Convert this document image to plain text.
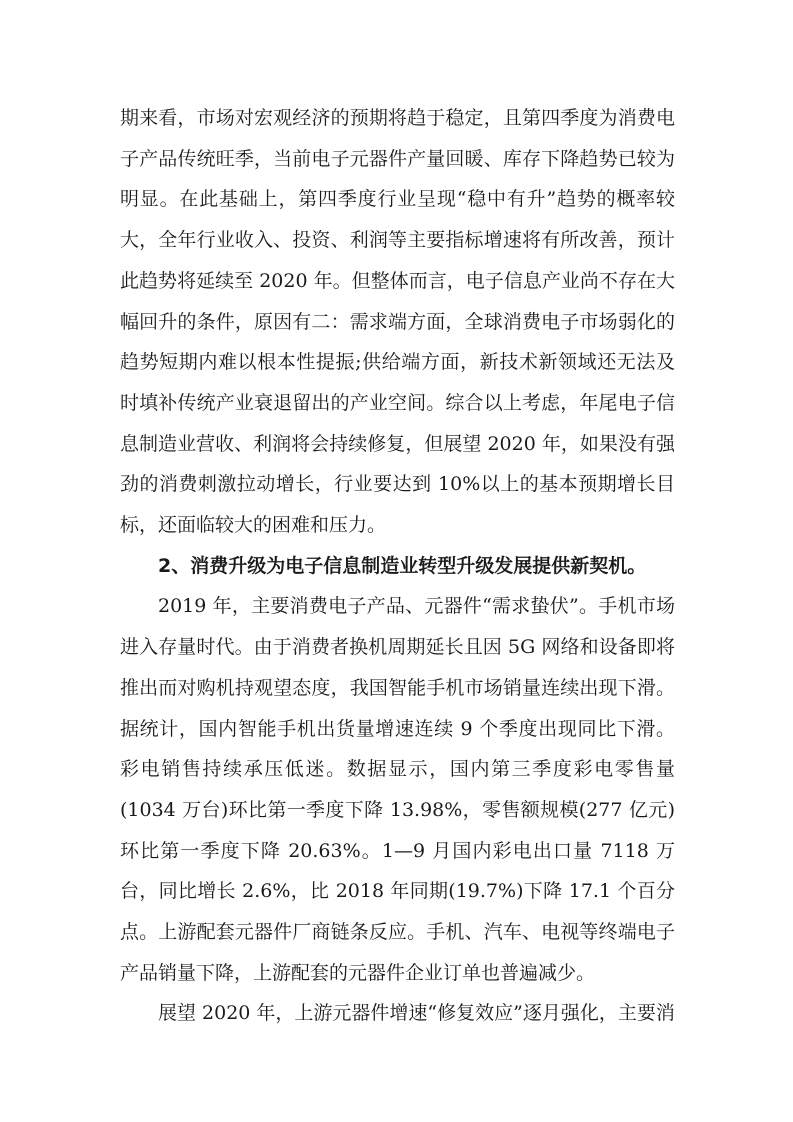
期来看，市场对宏观经济的预期将趋于稳定，且第四季度为消费电子产品传统旺季，当前电子元器件产量回暖、库存下降趋势已较为明显。在此基础上，第四季度行业呈现“稳中有升”趋势的概率较大，全年行业收入、投资、利润等主要指标增速将有所改善，预计此趋势将延续至 2020 年。但整体而言，电子信息产业尚不存在大幅回升的条件，原因有二：需求端方面，全球消费电子市场弱化的趋势短期内难以根本性提振;供给端方面，新技术新领域还无法及时填补传统产业衰退留出的产业空间。综合以上考虑，年尾电子信息制造业营收、利润将会持续修复，但展望 2020 年，如果没有强劲的消费刺激拉动增长，行业要达到 10%以上的基本预期增长目标，还面临较大的困难和压力。

2、消费升级为电子信息制造业转型升级发展提供新契机。

2019 年，主要消费电子产品、元器件“需求蛰伏”。手机市场进入存量时代。由于消费者换机周期延长且因 5G 网络和设备即将推出而对购机持观望态度，我国智能手机市场销量连续出现下滑。据统计，国内智能手机出货量增速连续 9 个季度出现同比下滑。彩电销售持续承压低迷。数据显示，国内第三季度彩电零售量(1034 万台)环比第一季度下降 13.98%，零售额规模(277 亿元)环比第一季度下降 20.63%。1—9 月国内彩电出口量 7118 万台，同比增长 2.6%，比 2018 年同期(19.7%)下降 17.1 个百分点。上游配套元器件厂商链条反应。手机、汽车、电视等终端电子产品销量下降，上游配套的元器件企业订单也普遍减少。

展望 2020 年，上游元器件增速“修复效应”逐月强化，主要消
